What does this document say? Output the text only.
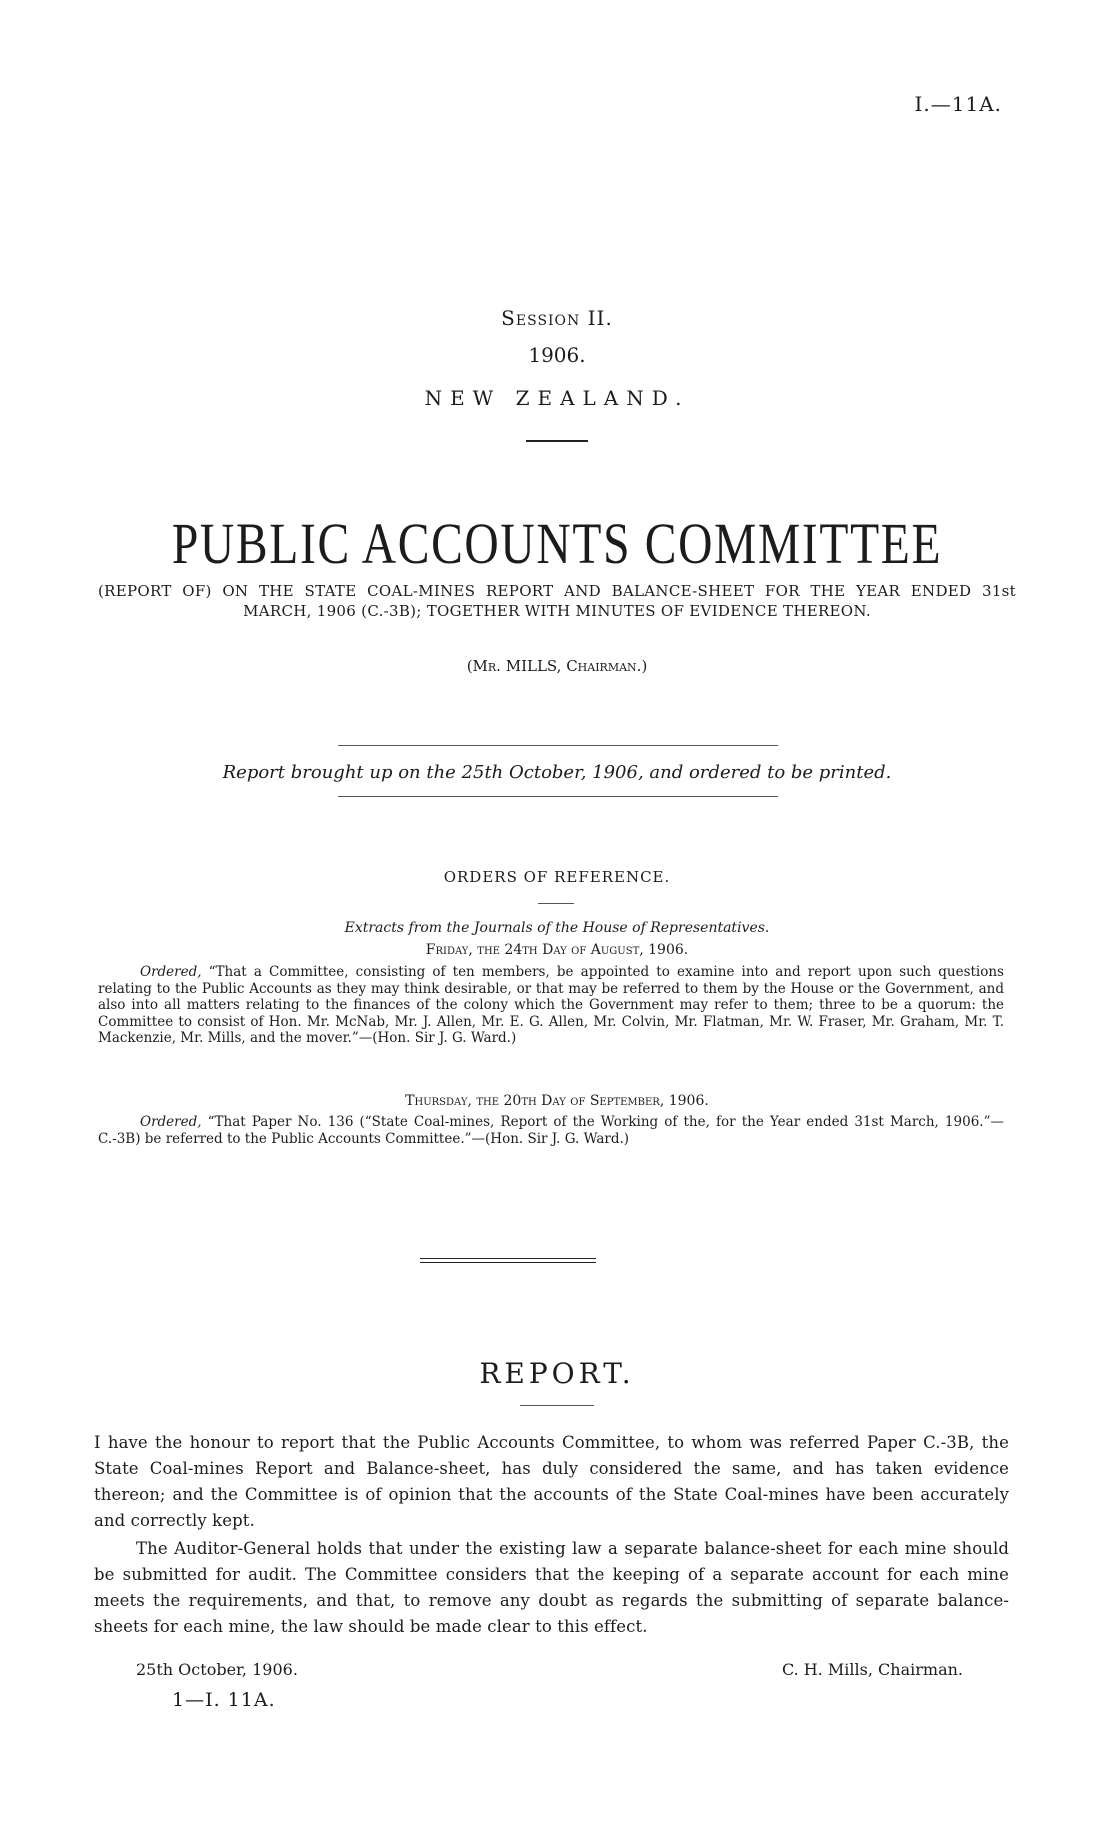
I.—11A.
Session II.
1906.
NEW ZEALAND.
PUBLIC ACCOUNTS COMMITTEE
(REPORT OF) ON THE STATE COAL-MINES REPORT AND BALANCE-SHEET FOR THE YEAR ENDED 31st MARCH, 1906 (C.-3B); TOGETHER WITH MINUTES OF EVIDENCE THEREON.
(Mr. MILLS, Chairman.)
Report brought up on the 25th October, 1906, and ordered to be printed.
ORDERS OF REFERENCE.
Extracts from the Journals of the House of Representatives.
Friday, the 24th Day of August, 1906.
Ordered, “That a Committee, consisting of ten members, be appointed to examine into and report upon such questions relating to the Public Accounts as they may think desirable, or that may be referred to them by the House or the Government, and also into all matters relating to the finances of the colony which the Government may refer to them; three to be a quorum: the Committee to consist of Hon. Mr. McNab, Mr. J. Allen, Mr. E. G. Allen, Mr. Colvin, Mr. Flatman, Mr. W. Fraser, Mr. Graham, Mr. T. Mackenzie, Mr. Mills, and the mover.”—(Hon. Sir J. G. Ward.)
Thursday, the 20th Day of September, 1906.
Ordered, “That Paper No. 136 (“State Coal-mines, Report of the Working of the, for the Year ended 31st March, 1906.”—C.-3B) be referred to the Public Accounts Committee.”—(Hon. Sir J. G. Ward.)
REPORT.
I have the honour to report that the Public Accounts Committee, to whom was referred Paper C.-3B, the State Coal-mines Report and Balance-sheet, has duly considered the same, and has taken evidence thereon; and the Committee is of opinion that the accounts of the State Coal-mines have been accurately and correctly kept.
The Auditor-General holds that under the existing law a separate balance-sheet for each mine should be submitted for audit. The Committee considers that the keeping of a separate account for each mine meets the requirements, and that, to remove any doubt as regards the submitting of separate balance-sheets for each mine, the law should be made clear to this effect.
25th October, 1906.	C. H. Mills, Chairman.
1—I. 11A.
